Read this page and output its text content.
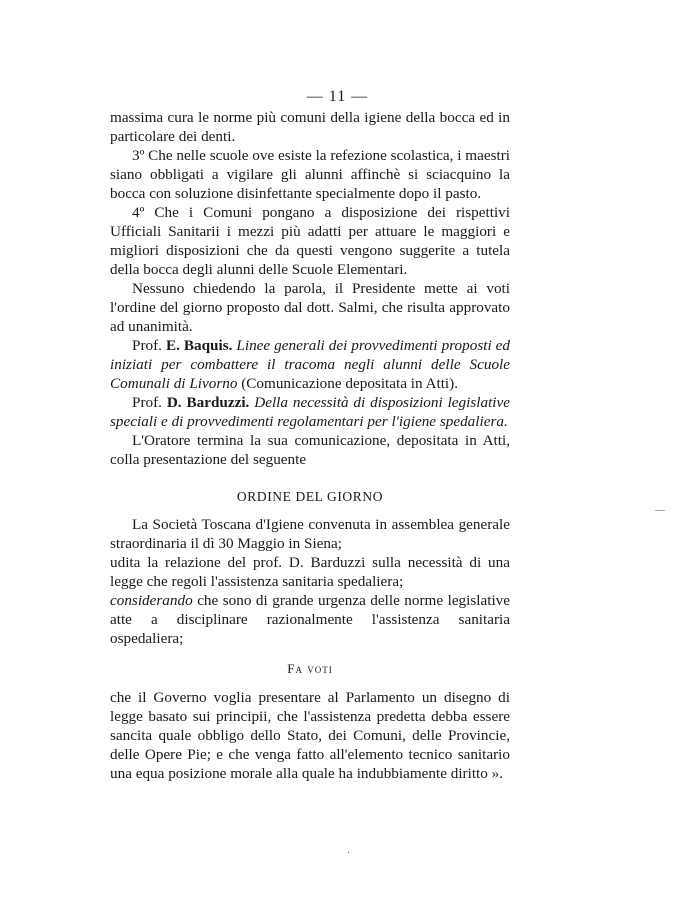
— 11 —

massima cura le norme più comuni della igiene della bocca ed in particolare dei denti.

3º Che nelle scuole ove esiste la refezione scolastica, i maestri siano obbligati a vigilare gli alunni affinchè si sciacquino la bocca con soluzione disinfettante specialmente dopo il pasto.

4º Che i Comuni pongano a disposizione dei rispettivi Ufficiali Sanitarii i mezzi più adatti per attuare le maggiori e migliori disposizioni che da questi vengono suggerite a tutela della bocca degli alunni delle Scuole Elementari.

Nessuno chiedendo la parola, il Presidente mette ai voti l'ordine del giorno proposto dal dott. Salmi, che risulta approvato ad unanimità.

Prof. E. Baquis. Linee generali dei provvedimenti proposti ed iniziati per combattere il tracoma negli alunni delle Scuole Comunali di Livorno (Comunicazione depositata in Atti).

Prof. D. Barduzzi. Della necessità di disposizioni legislative speciali e di provvedimenti regolamentari per l'igiene spedaliera.

L'Oratore termina la sua comunicazione, depositata in Atti, colla presentazione del seguente

ORDINE DEL GIORNO

La Società Toscana d'Igiene convenuta in assemblea generale straordinaria il dì 30 Maggio in Siena;

udita la relazione del prof. D. Barduzzi sulla necessità di una legge che regoli l'assistenza sanitaria spedaliera;

considerando che sono di grande urgenza delle norme legislative atte a disciplinare razionalmente l'assistenza sanitaria ospedaliera;

Fa voti

che il Governo voglia presentare al Parlamento un disegno di legge basato sui principii, che l'assistenza predetta debba essere sancita quale obbligo dello Stato, dei Comuni, delle Provincie, delle Opere Pie; e che venga fatto all'elemento tecnico sanitario una equa posizione morale alla quale ha indubbiamente diritto ».

—
·
